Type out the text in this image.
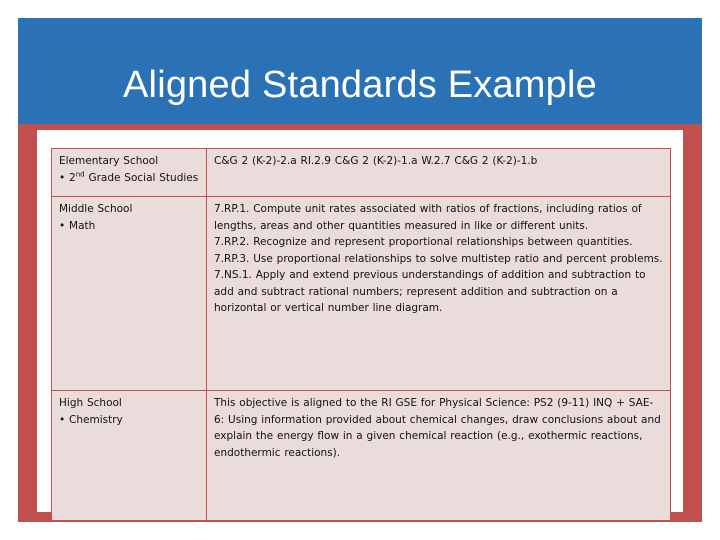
Aligned Standards Example
Elementary School
• 2nd Grade Social Studies	C&G 2 (K-2)-2.a RI.2.9 C&G 2 (K-2)-1.a W.2.7 C&G 2 (K-2)-1.b

Middle School
• Math	7.RP.1. Compute unit rates associated with ratios of fractions, including ratios of lengths, areas and other quantities measured in like or different units.
7.RP.2. Recognize and represent proportional relationships between quantities.
7.RP.3. Use proportional relationships to solve multistep ratio and percent problems.
7.NS.1. Apply and extend previous understandings of addition and subtraction to add and subtract rational numbers; represent addition and subtraction on a horizontal or vertical number line diagram.

High School
• Chemistry	This objective is aligned to the RI GSE for Physical Science: PS2 (9-11) INQ + SAE-6: Using information provided about chemical changes, draw conclusions about and explain the energy flow in a given chemical reaction (e.g., exothermic reactions, endothermic reactions).
